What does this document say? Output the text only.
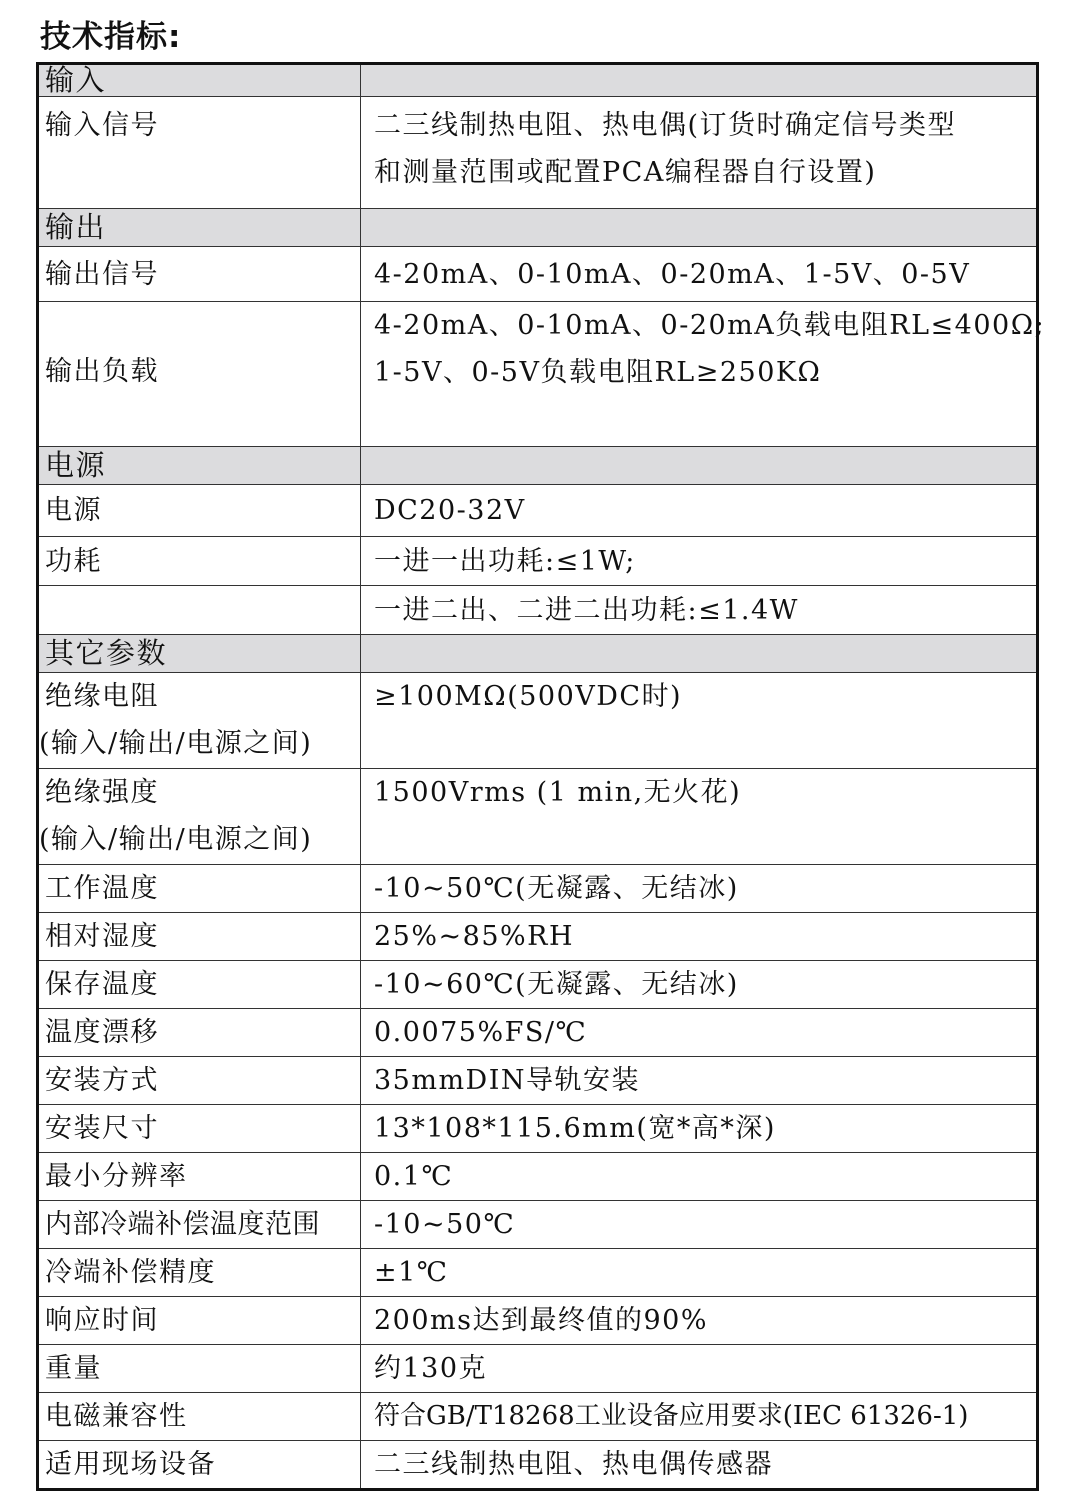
技术指标:
输入	

输入信号	二三线制热电阻、热电偶(订货时确定信号类型
和测量范围或配置PCA编程器自行设置)

输出	
输出信号	4-20mA、0-10mA、0-20mA、1-5V、0-5V

输出负载	4-20mA、0-10mA、0-20mA负载电阻RL≤400Ω;
1-5V、0-5V负载电阻RL≥250KΩ

电源	
电源	DC20-32V
功耗	一进一出功耗:≤1W;
	一进二出、二进二出功耗:≤1.4W
其它参数	

绝缘电阻
(输入/输出/电源之间)	≥100MΩ(500VDC时)

绝缘强度
(输入/输出/电源之间)	1500Vrms (1 min,无火花)

工作温度	-10~50℃(无凝露、无结冰)
相对湿度	25%~85%RH
保存温度	-10~60℃(无凝露、无结冰)
温度漂移	0.0075%FS/℃
安装方式	35mmDIN导轨安装
安装尺寸	13*108*115.6mm(宽*高*深)
最小分辨率	0.1℃
内部冷端补偿温度范围	-10~50℃
冷端补偿精度	±1℃
响应时间	200ms达到最终值的90%
重量	约130克
电磁兼容性	符合GB/T18268工业设备应用要求(IEC 61326-1)
适用现场设备	二三线制热电阻、热电偶传感器
